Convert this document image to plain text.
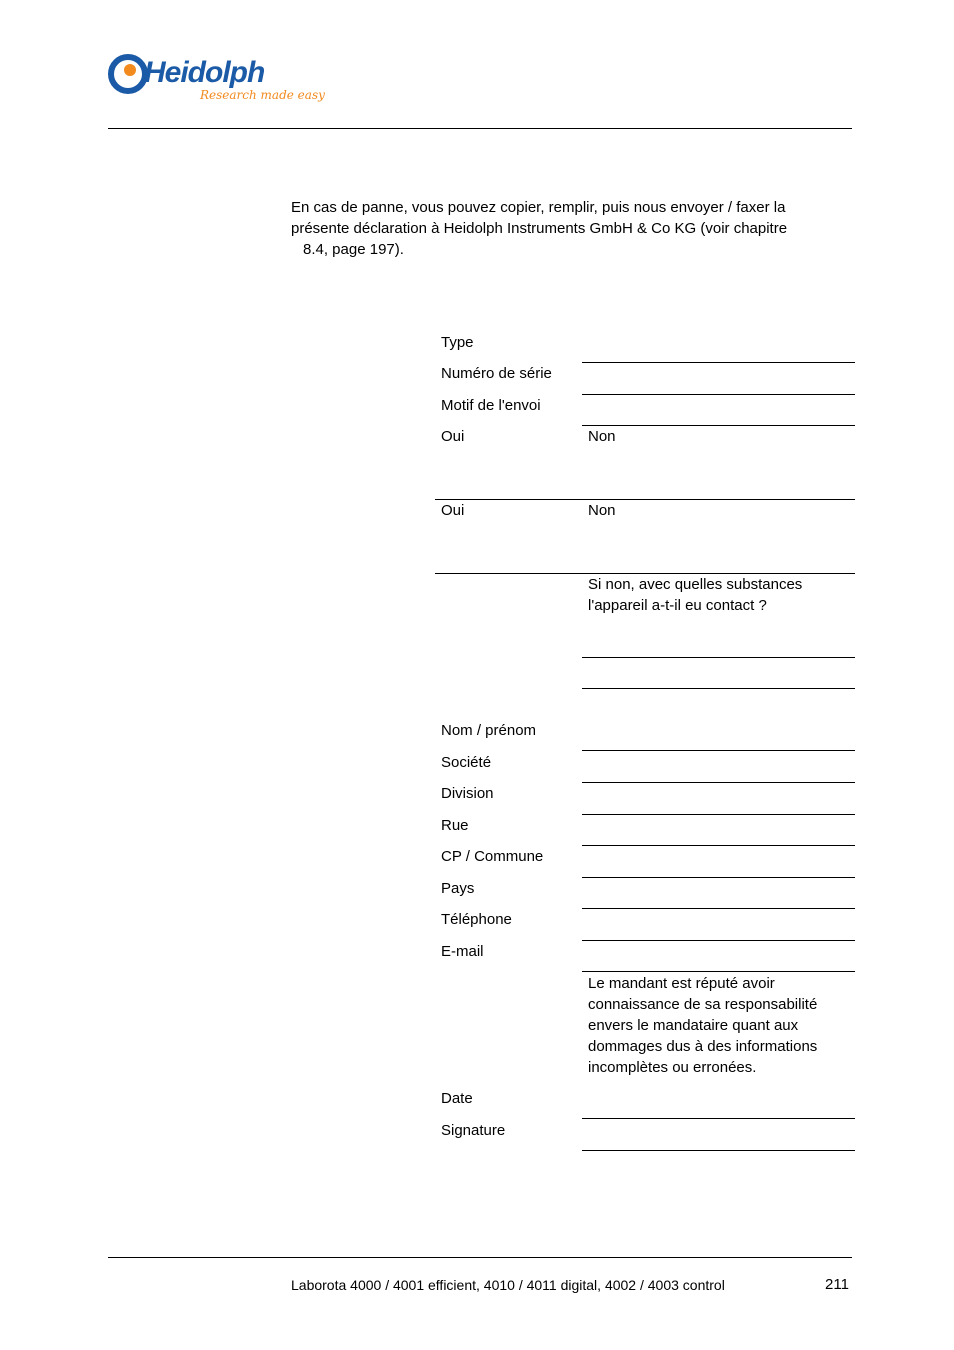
Heidolph
Research made easy
En cas de panne, vous pouvez copier, remplir, puis nous envoyer / faxer la
présente déclaration à Heidolph Instruments GmbH & Co KG (voir chapitre
8.4, page 197).
Type
Numéro de série
Motif de l'envoi
Oui	Non
Oui	Non
Si non, avec quelles substances
l'appareil a-t-il eu contact ?
Nom / prénom
Société
Division
Rue
CP / Commune
Pays
Téléphone
E-mail
Le mandant est réputé avoir
connaissance de sa responsabilité
envers le mandataire quant aux
dommages dus à des informations
incomplètes ou erronées.
Date
Signature
Laborota 4000 / 4001 efficient, 4010 / 4011 digital, 4002 / 4003 control	211
